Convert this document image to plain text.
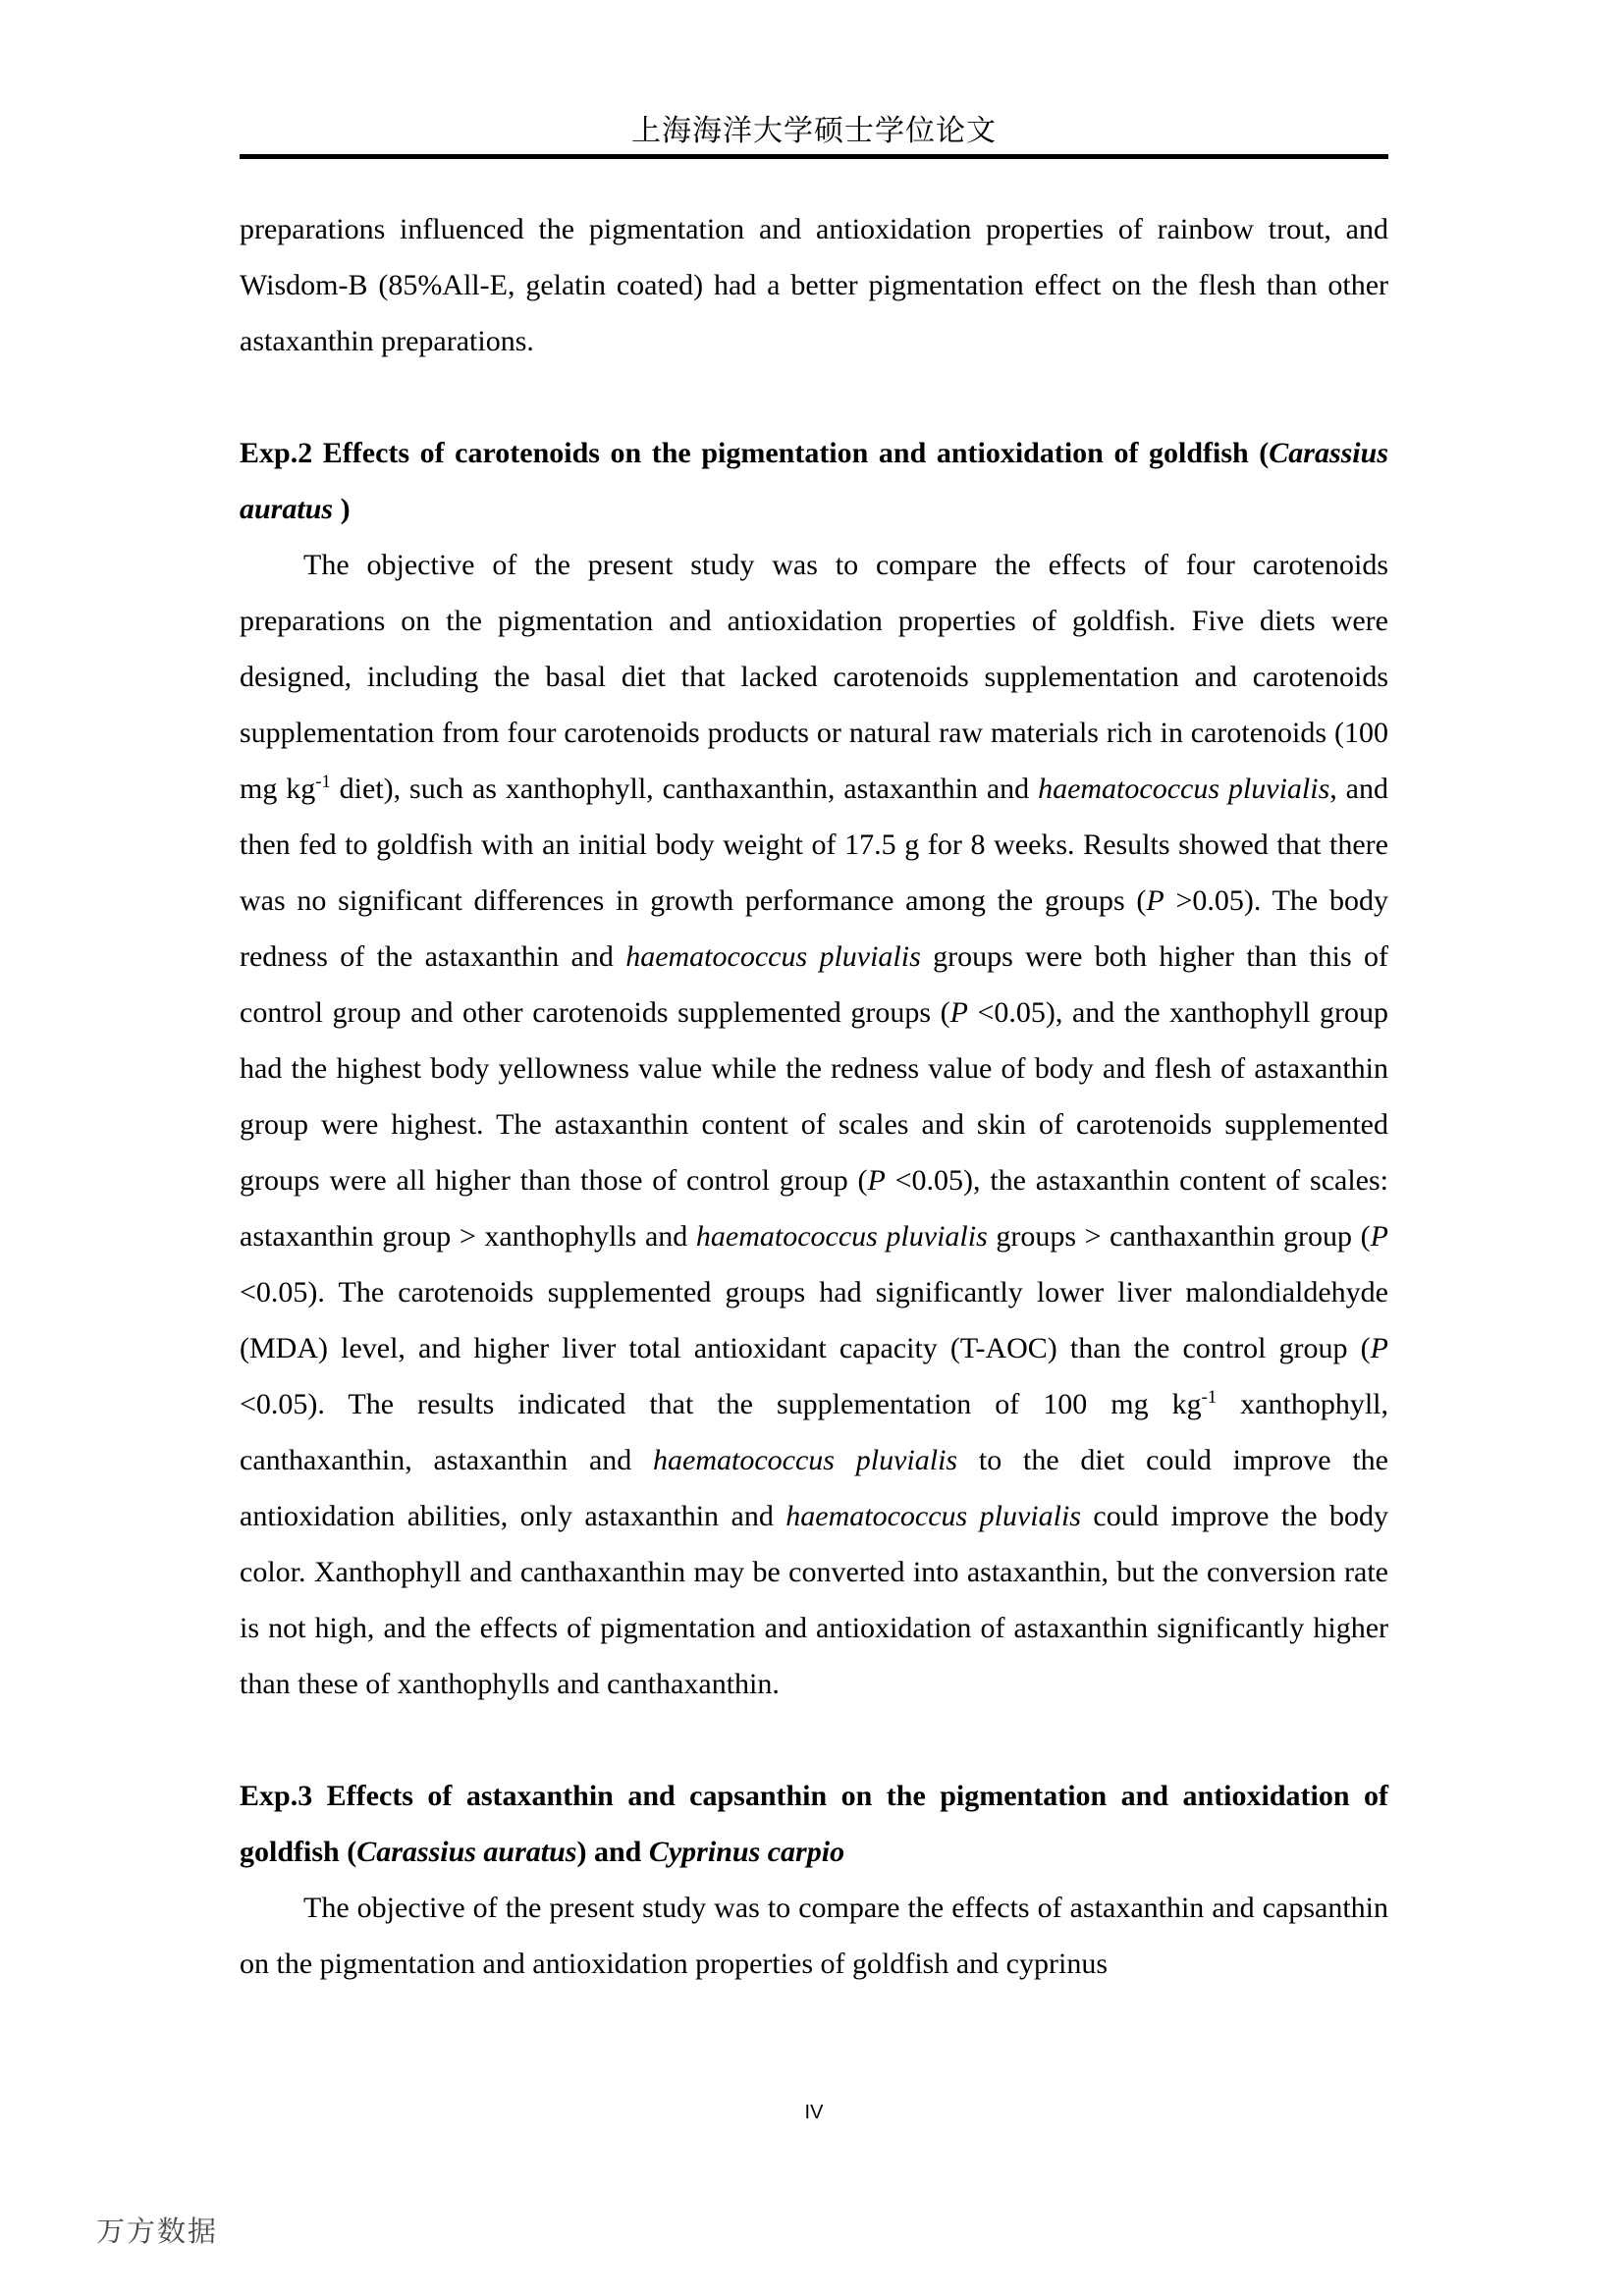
上海海洋大学硕士学位论文

preparations influenced the pigmentation and antioxidation properties of rainbow trout, and Wisdom-B (85%All-E, gelatin coated) had a better pigmentation effect on the flesh than other astaxanthin preparations.

Exp.2 Effects of carotenoids on the pigmentation and antioxidation of goldfish (Carassius auratus )

The objective of the present study was to compare the effects of four carotenoids preparations on the pigmentation and antioxidation properties of goldfish. Five diets were designed, including the basal diet that lacked carotenoids supplementation and carotenoids supplementation from four carotenoids products or natural raw materials rich in carotenoids (100 mg $kg^{-1}$ diet), such as xanthophyll, canthaxanthin, astaxanthin and haematococcus pluvialis, and then fed to goldfish with an initial body weight of 17.5 g for 8 weeks. Results showed that there was no significant differences in growth performance among the groups (P >0.05). The body redness of the astaxanthin and haematococcus pluvialis groups were both higher than this of control group and other carotenoids supplemented groups (P <0.05), and the xanthophyll group had the highest body yellowness value while the redness value of body and flesh of astaxanthin group were highest. The astaxanthin content of scales and skin of carotenoids supplemented groups were all higher than those of control group (P <0.05), the astaxanthin content of scales: astaxanthin group > xanthophylls and haematococcus pluvialis groups > canthaxanthin group (P <0.05). The carotenoids supplemented groups had significantly lower liver malondialdehyde (MDA) level, and higher liver total antioxidant capacity (T-AOC) than the control group (P <0.05). The results indicated that the supplementation of 100 mg $kg^{-1}$ xanthophyll, canthaxanthin, astaxanthin and haematococcus pluvialis to the diet could improve the antioxidation abilities, only astaxanthin and haematococcus pluvialis could improve the body color. Xanthophyll and canthaxanthin may be converted into astaxanthin, but the conversion rate is not high, and the effects of pigmentation and antioxidation of astaxanthin significantly higher than these of xanthophylls and canthaxanthin.

Exp.3 Effects of astaxanthin and capsanthin on the pigmentation and antioxidation of goldfish (Carassius auratus) and Cyprinus carpio

The objective of the present study was to compare the effects of astaxanthin and capsanthin on the pigmentation and antioxidation properties of goldfish and cyprinus

IV
万方数据
